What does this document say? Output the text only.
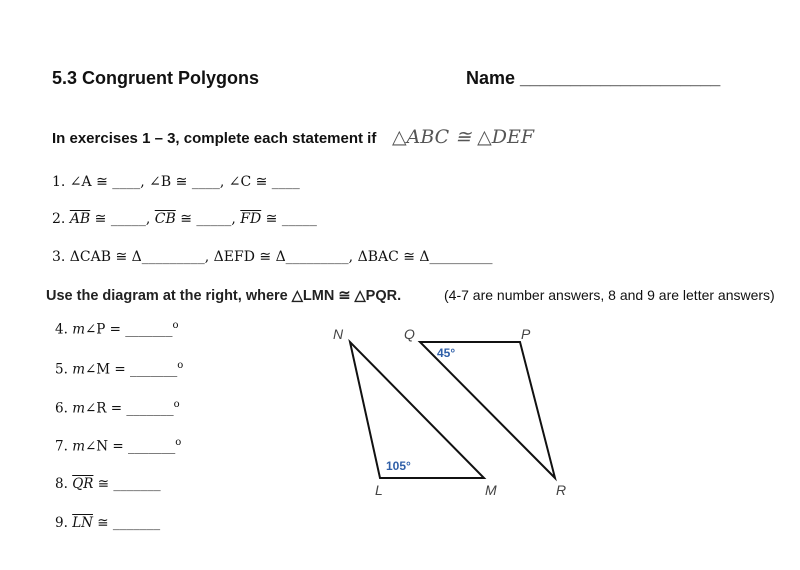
5.3 Congruent Polygons	Name ____________________
In exercises 1 – 3, complete each statement if △ABC ≅ △DEF
1. ∠A ≅ ____, ∠B ≅ ____, ∠C ≅ ____
2. $\overline{AB}$ ≅ _____, $\overline{CB}$ ≅ _____, $\overline{FD}$ ≅ _____
3. ΔCAB ≅ Δ_________, ΔEFD ≅ Δ_________, ΔBAC ≅ Δ_________
Use the diagram at the right, where △LMN ≅ △PQR.	(4-7 are number answers, 8 and 9 are letter answers)
4. m∠P = _______$^o$
5. m∠M = _______$^o$
6. m∠R = _______$^o$
7. m∠N = _______$^o$
8. $\overline{QR}$ ≅ _______
9. $\overline{LN}$ ≅ _______
N	Q	P
L	M	R
45°
105°
